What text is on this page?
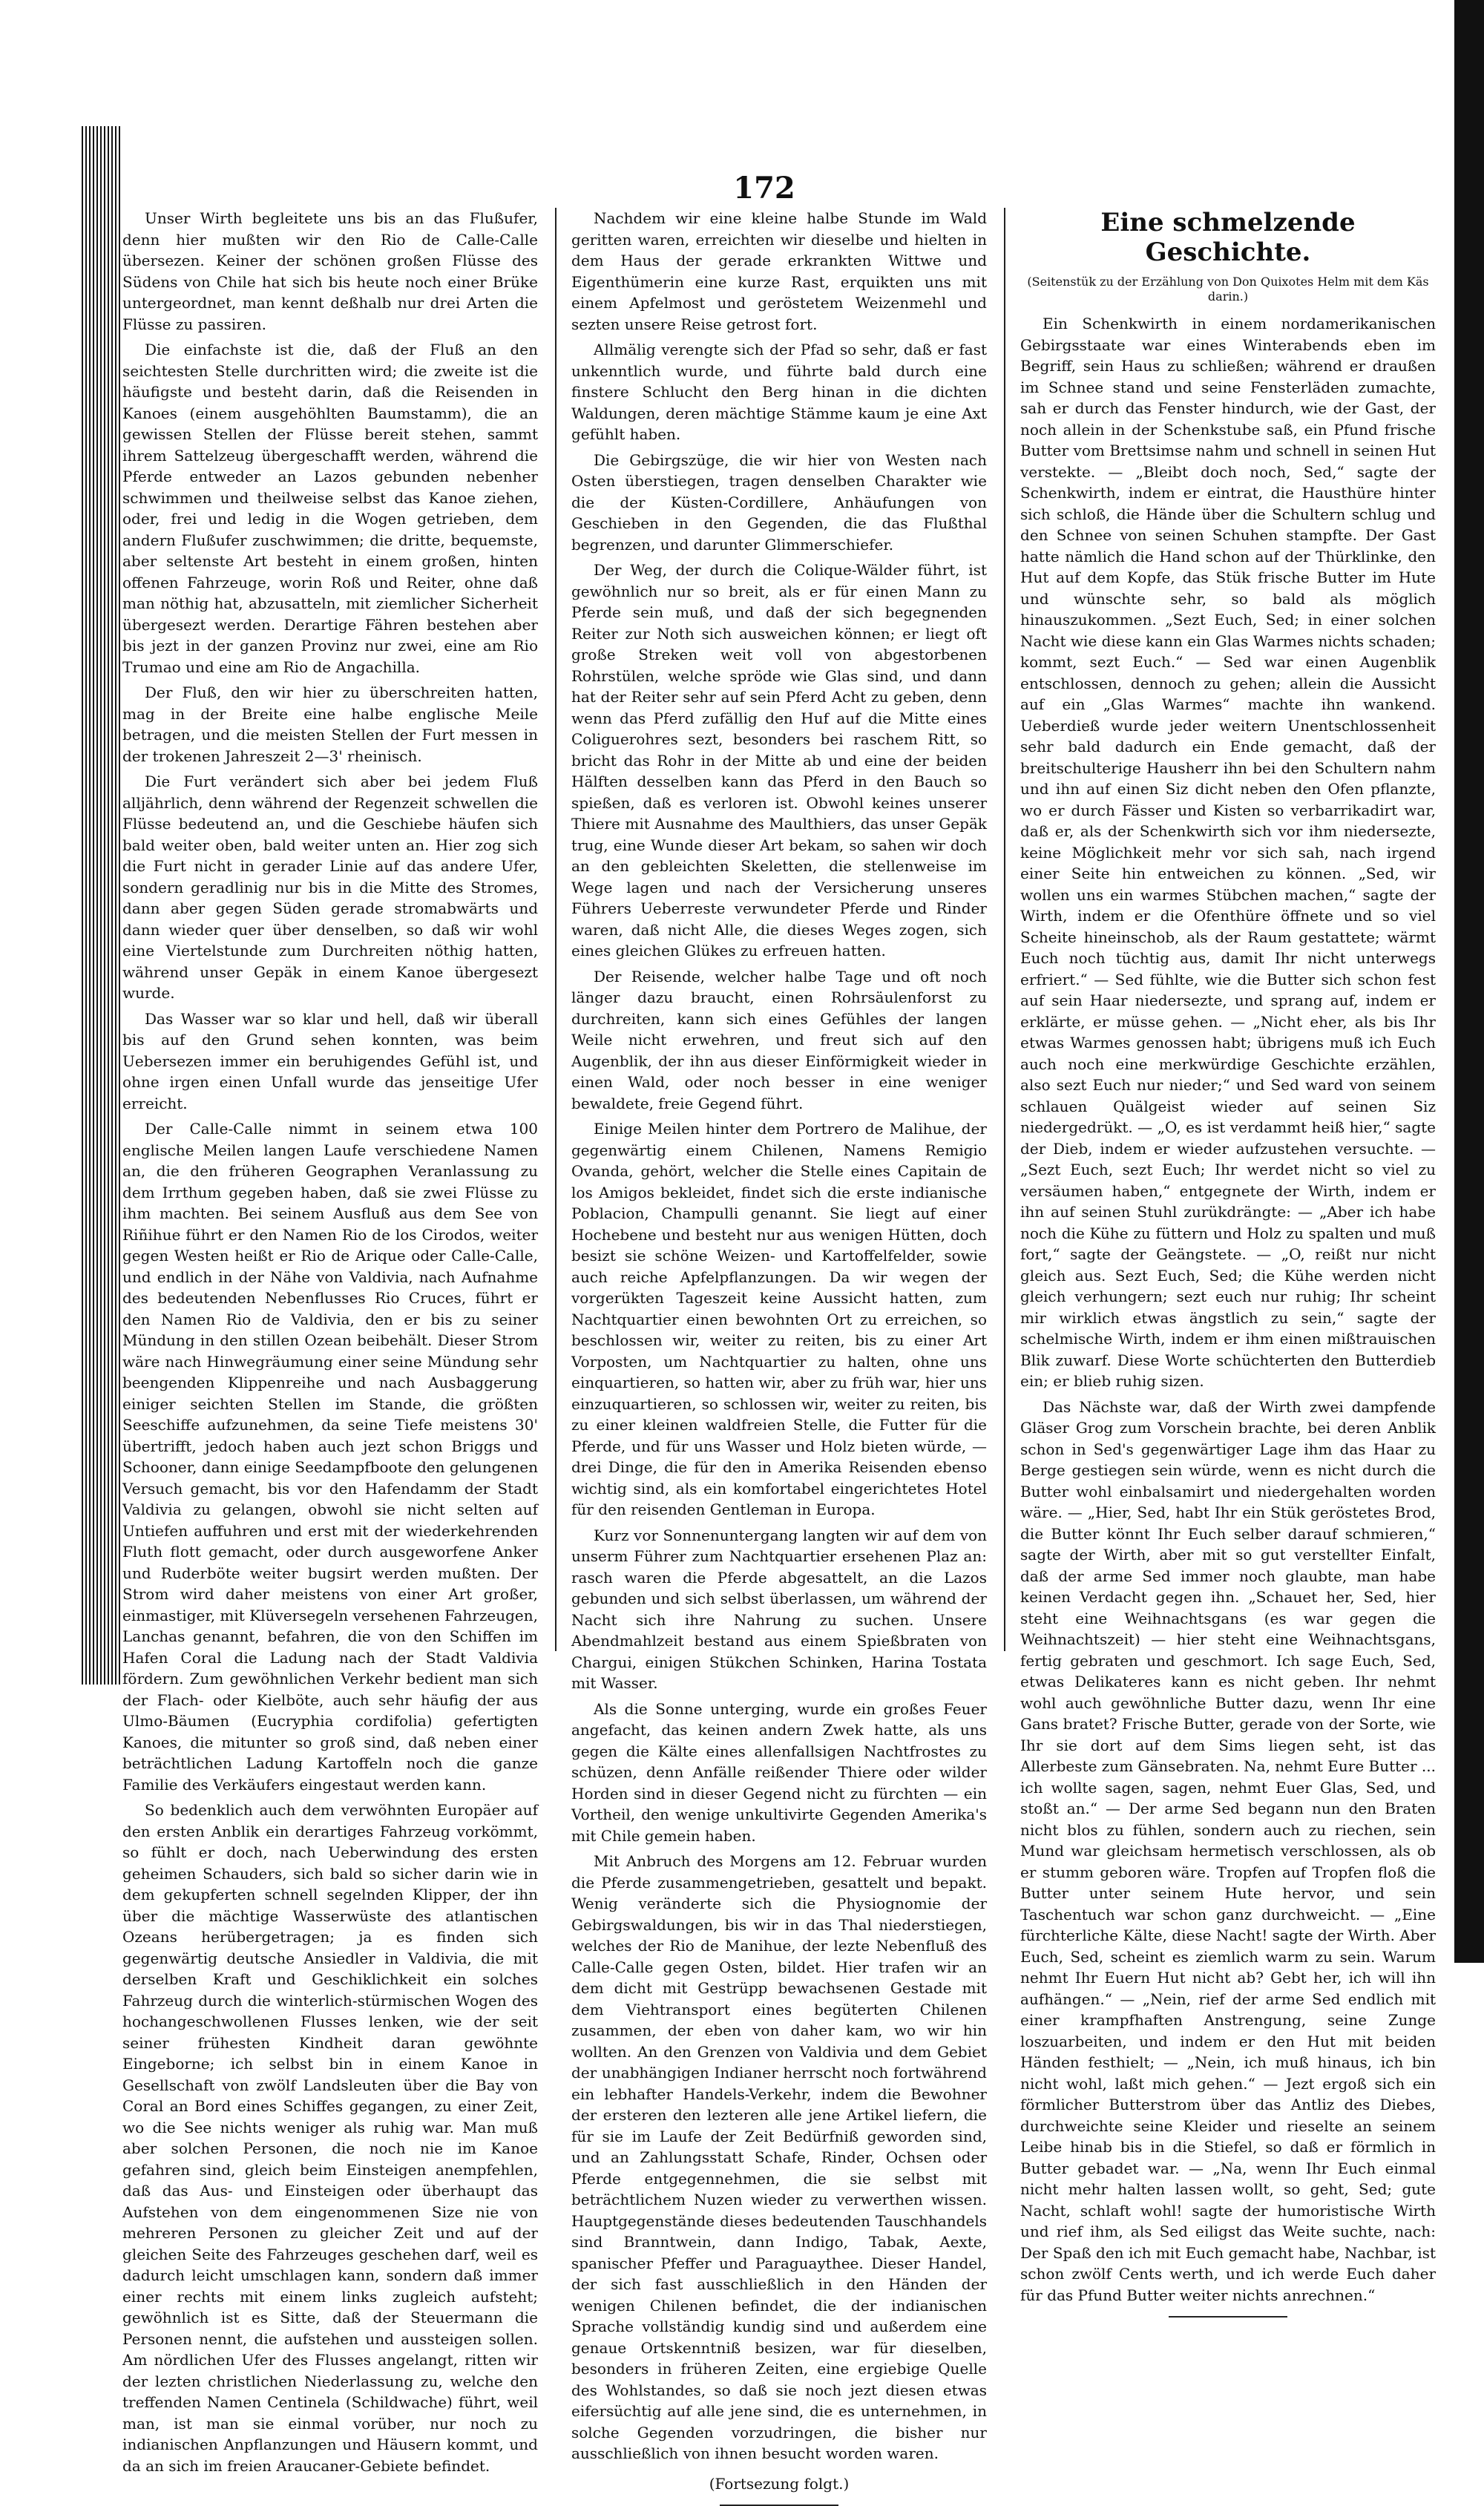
172

Unser Wirth begleitete uns bis an das Flußufer, denn hier mußten wir den Rio de Calle-Calle übersezen. Keiner der schönen großen Flüsse des Südens von Chile hat sich bis heute noch einer Brüke untergeordnet, man kennt deßhalb nur drei Arten die Flüsse zu passiren.

Die einfachste ist die, daß der Fluß an den seichtesten Stelle durchritten wird; die zweite ist die häufigste und besteht darin, daß die Reisenden in Kanoes (einem ausgehöhlten Baumstamm), die an gewissen Stellen der Flüsse bereit stehen, sammt ihrem Sattelzeug übergeschafft werden, während die Pferde entweder an Lazos gebunden nebenher schwimmen und theilweise selbst das Kanoe ziehen, oder, frei und ledig in die Wogen getrieben, dem andern Flußufer zuschwimmen; die dritte, bequemste, aber seltenste Art besteht in einem großen, hinten offenen Fahrzeuge, worin Roß und Reiter, ohne daß man nöthig hat, abzusatteln, mit ziemlicher Sicherheit übergesezt werden. Derartige Fähren bestehen aber bis jezt in der ganzen Provinz nur zwei, eine am Rio Trumao und eine am Rio de Angachilla.

Der Fluß, den wir hier zu überschreiten hatten, mag in der Breite eine halbe englische Meile betragen, und die meisten Stellen der Furt messen in der trokenen Jahreszeit 2—3' rheinisch.

Die Furt verändert sich aber bei jedem Fluß alljährlich, denn während der Regenzeit schwellen die Flüsse bedeutend an, und die Geschiebe häufen sich bald weiter oben, bald weiter unten an. Hier zog sich die Furt nicht in gerader Linie auf das andere Ufer, sondern geradlinig nur bis in die Mitte des Stromes, dann aber gegen Süden gerade stromabwärts und dann wieder quer über denselben, so daß wir wohl eine Viertelstunde zum Durchreiten nöthig hatten, während unser Gepäk in einem Kanoe übergesezt wurde.

Das Wasser war so klar und hell, daß wir überall bis auf den Grund sehen konnten, was beim Uebersezen immer ein beruhigendes Gefühl ist, und ohne irgen einen Unfall wurde das jenseitige Ufer erreicht.

Der Calle-Calle nimmt in seinem etwa 100 englische Meilen langen Laufe verschiedene Namen an, die den früheren Geographen Veranlassung zu dem Irrthum gegeben haben, daß sie zwei Flüsse zu ihm machten. Bei seinem Ausfluß aus dem See von Riñihue führt er den Namen Rio de los Cirodos, weiter gegen Westen heißt er Rio de Arique oder Calle-Calle, und endlich in der Nähe von Valdivia, nach Aufnahme des bedeutenden Nebenflusses Rio Cruces, führt er den Namen Rio de Valdivia, den er bis zu seiner Mündung in den stillen Ozean beibehält. Dieser Strom wäre nach Hinwegräumung einer seine Mündung sehr beengenden Klippenreihe und nach Ausbaggerung einiger seichten Stellen im Stande, die größten Seeschiffe aufzunehmen, da seine Tiefe meistens 30' übertrifft, jedoch haben auch jezt schon Briggs und Schooner, dann einige Seedampfboote den gelungenen Versuch gemacht, bis vor den Hafendamm der Stadt Valdivia zu gelangen, obwohl sie nicht selten auf Untiefen auffuhren und erst mit der wiederkehrenden Fluth flott gemacht, oder durch ausgeworfene Anker und Ruderböte weiter bugsirt werden mußten. Der Strom wird daher meistens von einer Art großer, einmastiger, mit Klüversegeln versehenen Fahrzeugen, Lanchas genannt, befahren, die von den Schiffen im Hafen Coral die Ladung nach der Stadt Valdivia fördern. Zum gewöhnlichen Verkehr bedient man sich der Flach- oder Kielböte, auch sehr häufig der aus Ulmo-Bäumen (Eucryphia cordifolia) gefertigten Kanoes, die mitunter so groß sind, daß neben einer beträchtlichen Ladung Kartoffeln noch die ganze Familie des Verkäufers eingestaut werden kann.

So bedenklich auch dem verwöhnten Europäer auf den ersten Anblik ein derartiges Fahrzeug vorkömmt, so fühlt er doch, nach Ueberwindung des ersten geheimen Schauders, sich bald so sicher darin wie in dem gekupferten schnell segelnden Klipper, der ihn über die mächtige Wasserwüste des atlantischen Ozeans herübergetragen; ja es finden sich gegenwärtig deutsche Ansiedler in Valdivia, die mit derselben Kraft und Geschiklichkeit ein solches Fahrzeug durch die winterlich-stürmischen Wogen des hochangeschwollenen Flusses lenken, wie der seit seiner frühesten Kindheit daran gewöhnte Eingeborne; ich selbst bin in einem Kanoe in Gesellschaft von zwölf Landsleuten über die Bay von Coral an Bord eines Schiffes gegangen, zu einer Zeit, wo die See nichts weniger als ruhig war. Man muß aber solchen Personen, die noch nie im Kanoe gefahren sind, gleich beim Einsteigen anempfehlen, daß das Aus- und Einsteigen oder überhaupt das Aufstehen von dem eingenommenen Size nie von mehreren Personen zu gleicher Zeit und auf der gleichen Seite des Fahrzeuges geschehen darf, weil es dadurch leicht umschlagen kann, sondern daß immer einer rechts mit einem links zugleich aufsteht; gewöhnlich ist es Sitte, daß der Steuermann die Personen nennt, die aufstehen und aussteigen sollen. Am nördlichen Ufer des Flusses angelangt, ritten wir der lezten christlichen Niederlassung zu, welche den treffenden Namen Centinela (Schildwache) führt, weil man, ist man sie einmal vorüber, nur noch zu indianischen Anpflanzungen und Häusern kommt, und da an sich im freien Araucaner-Gebiete befindet.

Nachdem wir eine kleine halbe Stunde im Wald geritten waren, erreichten wir dieselbe und hielten in dem Haus der gerade erkrankten Wittwe und Eigenthümerin eine kurze Rast, erquikten uns mit einem Apfelmost und geröstetem Weizenmehl und sezten unsere Reise getrost fort.

Allmälig verengte sich der Pfad so sehr, daß er fast unkenntlich wurde, und führte bald durch eine finstere Schlucht den Berg hinan in die dichten Waldungen, deren mächtige Stämme kaum je eine Axt gefühlt haben.

Die Gebirgszüge, die wir hier von Westen nach Osten überstiegen, tragen denselben Charakter wie die der Küsten-Cordillere, Anhäufungen von Geschieben in den Gegenden, die das Flußthal begrenzen, und darunter Glimmerschiefer.

Der Weg, der durch die Colique-Wälder führt, ist gewöhnlich nur so breit, als er für einen Mann zu Pferde sein muß, und daß der sich begegnenden Reiter zur Noth sich ausweichen können; er liegt oft große Streken weit voll von abgestorbenen Rohrstülen, welche spröde wie Glas sind, und dann hat der Reiter sehr auf sein Pferd Acht zu geben, denn wenn das Pferd zufällig den Huf auf die Mitte eines Coliguerohres sezt, besonders bei raschem Ritt, so bricht das Rohr in der Mitte ab und eine der beiden Hälften desselben kann das Pferd in den Bauch so spießen, daß es verloren ist. Obwohl keines unserer Thiere mit Ausnahme des Maulthiers, das unser Gepäk trug, eine Wunde dieser Art bekam, so sahen wir doch an den gebleichten Skeletten, die stellenweise im Wege lagen und nach der Versicherung unseres Führers Ueberreste verwundeter Pferde und Rinder waren, daß nicht Alle, die dieses Weges zogen, sich eines gleichen Glükes zu erfreuen hatten.

Der Reisende, welcher halbe Tage und oft noch länger dazu braucht, einen Rohrsäulenforst zu durchreiten, kann sich eines Gefühles der langen Weile nicht erwehren, und freut sich auf den Augenblik, der ihn aus dieser Einförmigkeit wieder in einen Wald, oder noch besser in eine weniger bewaldete, freie Gegend führt.

Einige Meilen hinter dem Portrero de Malihue, der gegenwärtig einem Chilenen, Namens Remigio Ovanda, gehört, welcher die Stelle eines Capitain de los Amigos bekleidet, findet sich die erste indianische Poblacion, Champulli genannt. Sie liegt auf einer Hochebene und besteht nur aus wenigen Hütten, doch besizt sie schöne Weizen- und Kartoffelfelder, sowie auch reiche Apfelpflanzungen. Da wir wegen der vorgerükten Tageszeit keine Aussicht hatten, zum Nachtquartier einen bewohnten Ort zu erreichen, so beschlossen wir, weiter zu reiten, bis zu einer Art Vorposten, um Nachtquartier zu halten, ohne uns einquartieren, so hatten wir, aber zu früh war, hier uns einzuquartieren, so schlossen wir, weiter zu reiten, bis zu einer kleinen waldfreien Stelle, die Futter für die Pferde, und für uns Wasser und Holz bieten würde, — drei Dinge, die für den in Amerika Reisenden ebenso wichtig sind, als ein komfortabel eingerichtetes Hotel für den reisenden Gentleman in Europa.

Kurz vor Sonnenuntergang langten wir auf dem von unserm Führer zum Nachtquartier ersehenen Plaz an: rasch waren die Pferde abgesattelt, an die Lazos gebunden und sich selbst überlassen, um während der Nacht sich ihre Nahrung zu suchen. Unsere Abendmahlzeit bestand aus einem Spießbraten von Chargui, einigen Stükchen Schinken, Harina Tostata mit Wasser.

Als die Sonne unterging, wurde ein großes Feuer angefacht, das keinen andern Zwek hatte, als uns gegen die Kälte eines allenfallsigen Nachtfrostes zu schüzen, denn Anfälle reißender Thiere oder wilder Horden sind in dieser Gegend nicht zu fürchten — ein Vortheil, den wenige unkultivirte Gegenden Amerika's mit Chile gemein haben.

Mit Anbruch des Morgens am 12. Februar wurden die Pferde zusammengetrieben, gesattelt und bepakt. Wenig veränderte sich die Physiognomie der Gebirgswaldungen, bis wir in das Thal niederstiegen, welches der Rio de Manihue, der lezte Nebenfluß des Calle-Calle gegen Osten, bildet. Hier trafen wir an dem dicht mit Gestrüpp bewachsenen Gestade mit dem Viehtransport eines begüterten Chilenen zusammen, der eben von daher kam, wo wir hin wollten. An den Grenzen von Valdivia und dem Gebiet der unabhängigen Indianer herrscht noch fortwährend ein lebhafter Handels-Verkehr, indem die Bewohner der ersteren den lezteren alle jene Artikel liefern, die für sie im Laufe der Zeit Bedürfniß geworden sind, und an Zahlungsstatt Schafe, Rinder, Ochsen oder Pferde entgegennehmen, die sie selbst mit beträchtlichem Nuzen wieder zu verwerthen wissen. Hauptgegenstände dieses bedeutenden Tauschhandels sind Branntwein, dann Indigo, Tabak, Aexte, spanischer Pfeffer und Paraguaythee. Dieser Handel, der sich fast ausschließlich in den Händen der wenigen Chilenen befindet, die der indianischen Sprache vollständig kundig sind und außerdem eine genaue Ortskenntniß besizen, war für dieselben, besonders in früheren Zeiten, eine ergiebige Quelle des Wohlstandes, so daß sie noch jezt diesen etwas eifersüchtig auf alle jene sind, die es unternehmen, in solche Gegenden vorzudringen, die bisher nur ausschließlich von ihnen besucht worden waren.

(Fortsezung folgt.)
Eine schmelzende Geschichte.
(Seitenstük zu der Erzählung von Don Quixotes Helm mit dem Käs darin.)

Ein Schenkwirth in einem nordamerikanischen Gebirgsstaate war eines Winterabends eben im Begriff, sein Haus zu schließen; während er draußen im Schnee stand und seine Fensterläden zumachte, sah er durch das Fenster hindurch, wie der Gast, der noch allein in der Schenkstube saß, ein Pfund frische Butter vom Brettsimse nahm und schnell in seinen Hut verstekte. — „Bleibt doch noch, Sed,“ sagte der Schenkwirth, indem er eintrat, die Hausthüre hinter sich schloß, die Hände über die Schultern schlug und den Schnee von seinen Schuhen stampfte. Der Gast hatte nämlich die Hand schon auf der Thürklinke, den Hut auf dem Kopfe, das Stük frische Butter im Hute und wünschte sehr, so bald als möglich hinauszukommen. „Sezt Euch, Sed; in einer solchen Nacht wie diese kann ein Glas Warmes nichts schaden; kommt, sezt Euch.“ — Sed war einen Augenblik entschlossen, dennoch zu gehen; allein die Aussicht auf ein „Glas Warmes“ machte ihn wankend. Ueberdieß wurde jeder weitern Unentschlossenheit sehr bald dadurch ein Ende gemacht, daß der breitschulterige Hausherr ihn bei den Schultern nahm und ihn auf einen Siz dicht neben den Ofen pflanzte, wo er durch Fässer und Kisten so verbarrikadirt war, daß er, als der Schenkwirth sich vor ihm niedersezte, keine Möglichkeit mehr vor sich sah, nach irgend einer Seite hin entweichen zu können. „Sed, wir wollen uns ein warmes Stübchen machen,“ sagte der Wirth, indem er die Ofenthüre öffnete und so viel Scheite hineinschob, als der Raum gestattete; wärmt Euch noch tüchtig aus, damit Ihr nicht unterwegs erfriert.“ — Sed fühlte, wie die Butter sich schon fest auf sein Haar niedersezte, und sprang auf, indem er erklärte, er müsse gehen. — „Nicht eher, als bis Ihr etwas Warmes genossen habt; übrigens muß ich Euch auch noch eine merkwürdige Geschichte erzählen, also sezt Euch nur nieder;“ und Sed ward von seinem schlauen Quälgeist wieder auf seinen Siz niedergedrükt. — „O, es ist verdammt heiß hier,“ sagte der Dieb, indem er wieder aufzustehen versuchte. — „Sezt Euch, sezt Euch; Ihr werdet nicht so viel zu versäumen haben,“ entgegnete der Wirth, indem er ihn auf seinen Stuhl zurükdrängte: — „Aber ich habe noch die Kühe zu füttern und Holz zu spalten und muß fort,“ sagte der Geängstete. — „O, reißt nur nicht gleich aus. Sezt Euch, Sed; die Kühe werden nicht gleich verhungern; sezt euch nur ruhig; Ihr scheint mir wirklich etwas ängstlich zu sein,“ sagte der schelmische Wirth, indem er ihm einen mißtrauischen Blik zuwarf. Diese Worte schüchterten den Butterdieb ein; er blieb ruhig sizen.

Das Nächste war, daß der Wirth zwei dampfende Gläser Grog zum Vorschein brachte, bei deren Anblik schon in Sed's gegenwärtiger Lage ihm das Haar zu Berge gestiegen sein würde, wenn es nicht durch die Butter wohl einbalsamirt und niedergehalten worden wäre. — „Hier, Sed, habt Ihr ein Stük geröstetes Brod, die Butter könnt Ihr Euch selber darauf schmieren,“ sagte der Wirth, aber mit so gut verstellter Einfalt, daß der arme Sed immer noch glaubte, man habe keinen Verdacht gegen ihn. „Schauet her, Sed, hier steht eine Weihnachtsgans (es war gegen die Weihnachtszeit) — hier steht eine Weihnachtsgans, fertig gebraten und geschmort. Ich sage Euch, Sed, etwas Delikateres kann es nicht geben. Ihr nehmt wohl auch gewöhnliche Butter dazu, wenn Ihr eine Gans bratet? Frische Butter, gerade von der Sorte, wie Ihr sie dort auf dem Sims liegen seht, ist das Allerbeste zum Gänsebraten. Na, nehmt Eure Butter ... ich wollte sagen, sagen, nehmt Euer Glas, Sed, und stoßt an.“ — Der arme Sed begann nun den Braten nicht blos zu fühlen, sondern auch zu riechen, sein Mund war gleichsam hermetisch verschlossen, als ob er stumm geboren wäre. Tropfen auf Tropfen floß die Butter unter seinem Hute hervor, und sein Taschentuch war schon ganz durchweicht. — „Eine fürchterliche Kälte, diese Nacht! sagte der Wirth. Aber Euch, Sed, scheint es ziemlich warm zu sein. Warum nehmt Ihr Euern Hut nicht ab? Gebt her, ich will ihn aufhängen.“ — „Nein, rief der arme Sed endlich mit einer krampfhaften Anstrengung, seine Zunge loszuarbeiten, und indem er den Hut mit beiden Händen festhielt; — „Nein, ich muß hinaus, ich bin nicht wohl, laßt mich gehen.“ — Jezt ergoß sich ein förmlicher Butterstrom über das Antliz des Diebes, durchweichte seine Kleider und rieselte an seinem Leibe hinab bis in die Stiefel, so daß er förmlich in Butter gebadet war. — „Na, wenn Ihr Euch einmal nicht mehr halten lassen wollt, so geht, Sed; gute Nacht, schlaft wohl! sagte der humoristische Wirth und rief ihm, als Sed eiligst das Weite suchte, nach: Der Spaß den ich mit Euch gemacht habe, Nachbar, ist schon zwölf Cents werth, und ich werde Euch daher für das Pfund Butter weiter nichts anrechnen.“
